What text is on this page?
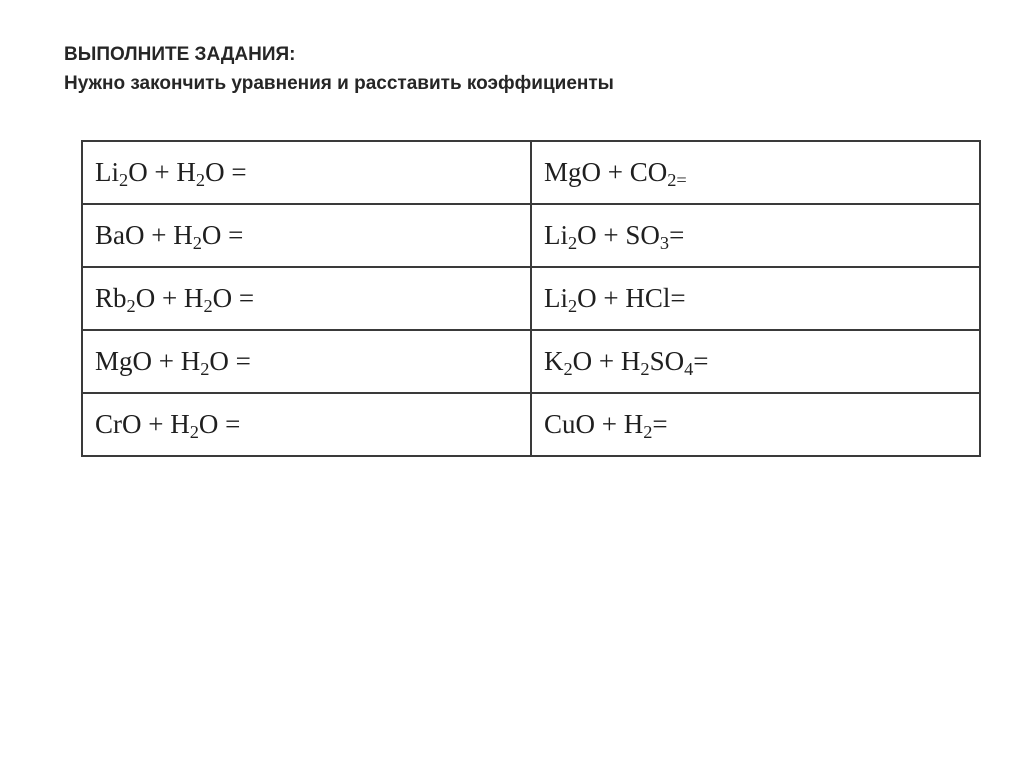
ВЫПОЛНИТЕ ЗАДАНИЯ:
Нужно закончить уравнения и расставить коэффициенты
$Li_2O + H_2O$ =	MgO + $CO_{2=}$
BaO + $H_2O$ =	$Li_2O + SO_3=$
$Rb_2O + H_2O$ =	$Li_2O + HCl=$
MgO + $H_2O$ =	$K_2O + H_2SO_4=$
CrO + $H_2O$ =	CuO + $H_2=$
